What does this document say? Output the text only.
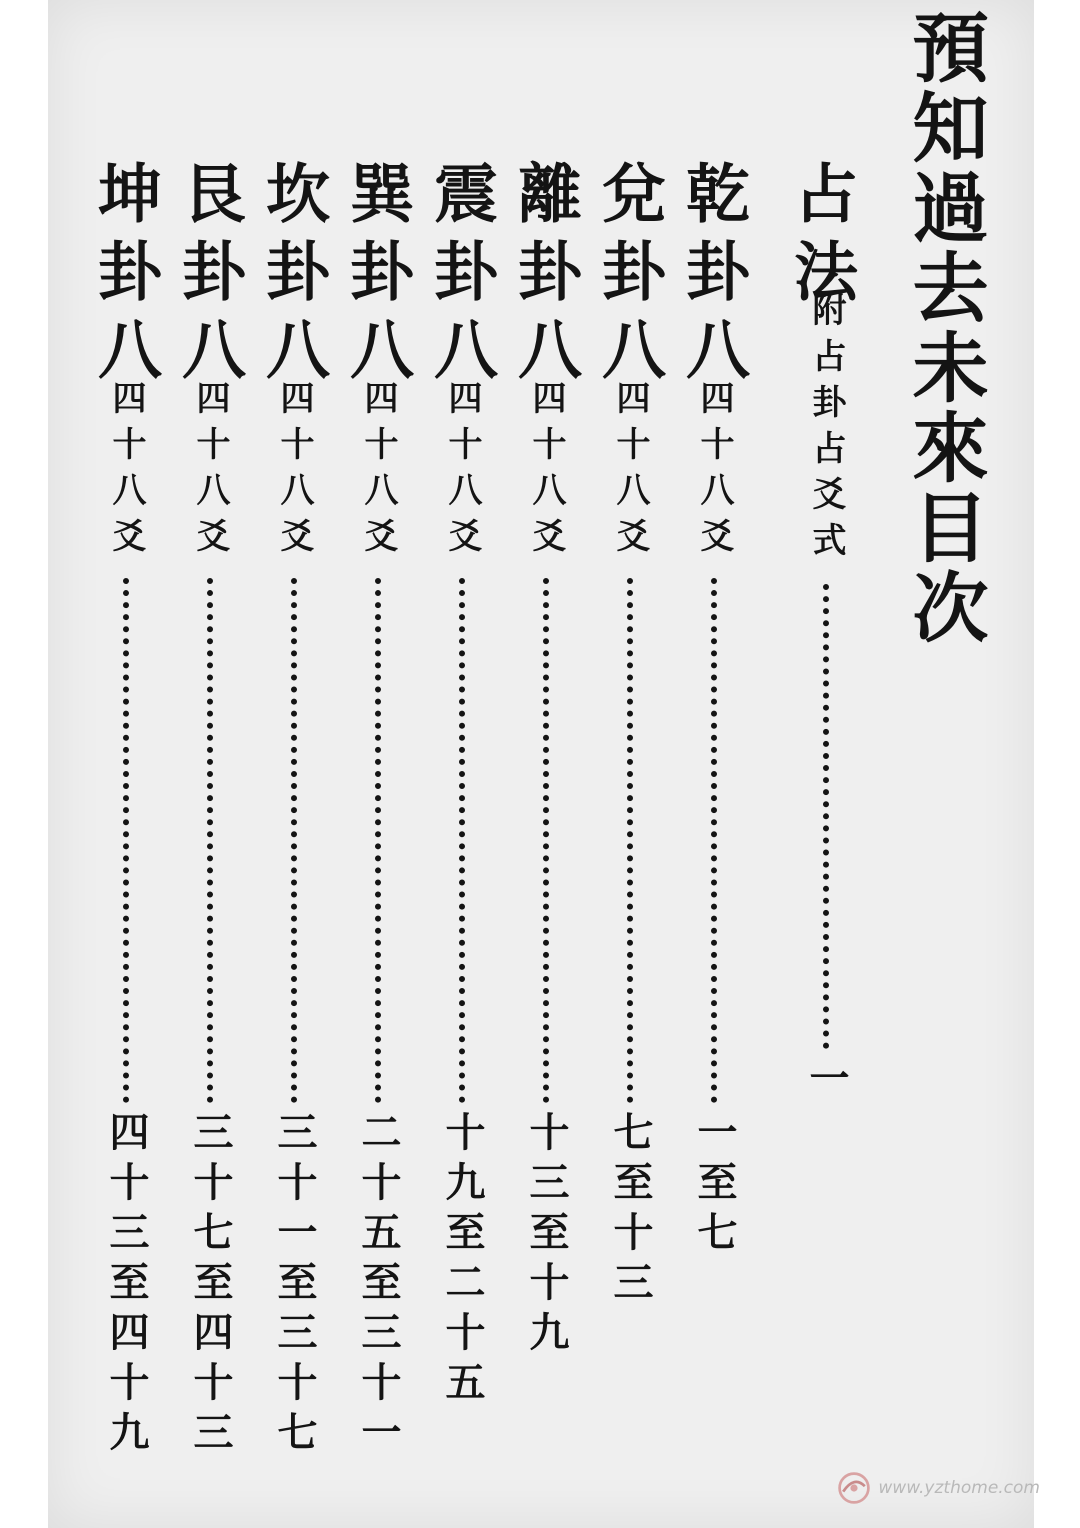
預知過去未來目次
占法
附占卦占爻式
一
乾卦八
四十八爻
一至七
兌卦八
四十八爻
七至十三
離卦八
四十八爻
十三至十九
震卦八
四十八爻
十九至二十五
巽卦八
四十八爻
二十五至三十一
坎卦八
四十八爻
三十一至三十七
艮卦八
四十八爻
三十七至四十三
坤卦八
四十八爻
四十三至四十九
www.yzthome.com
